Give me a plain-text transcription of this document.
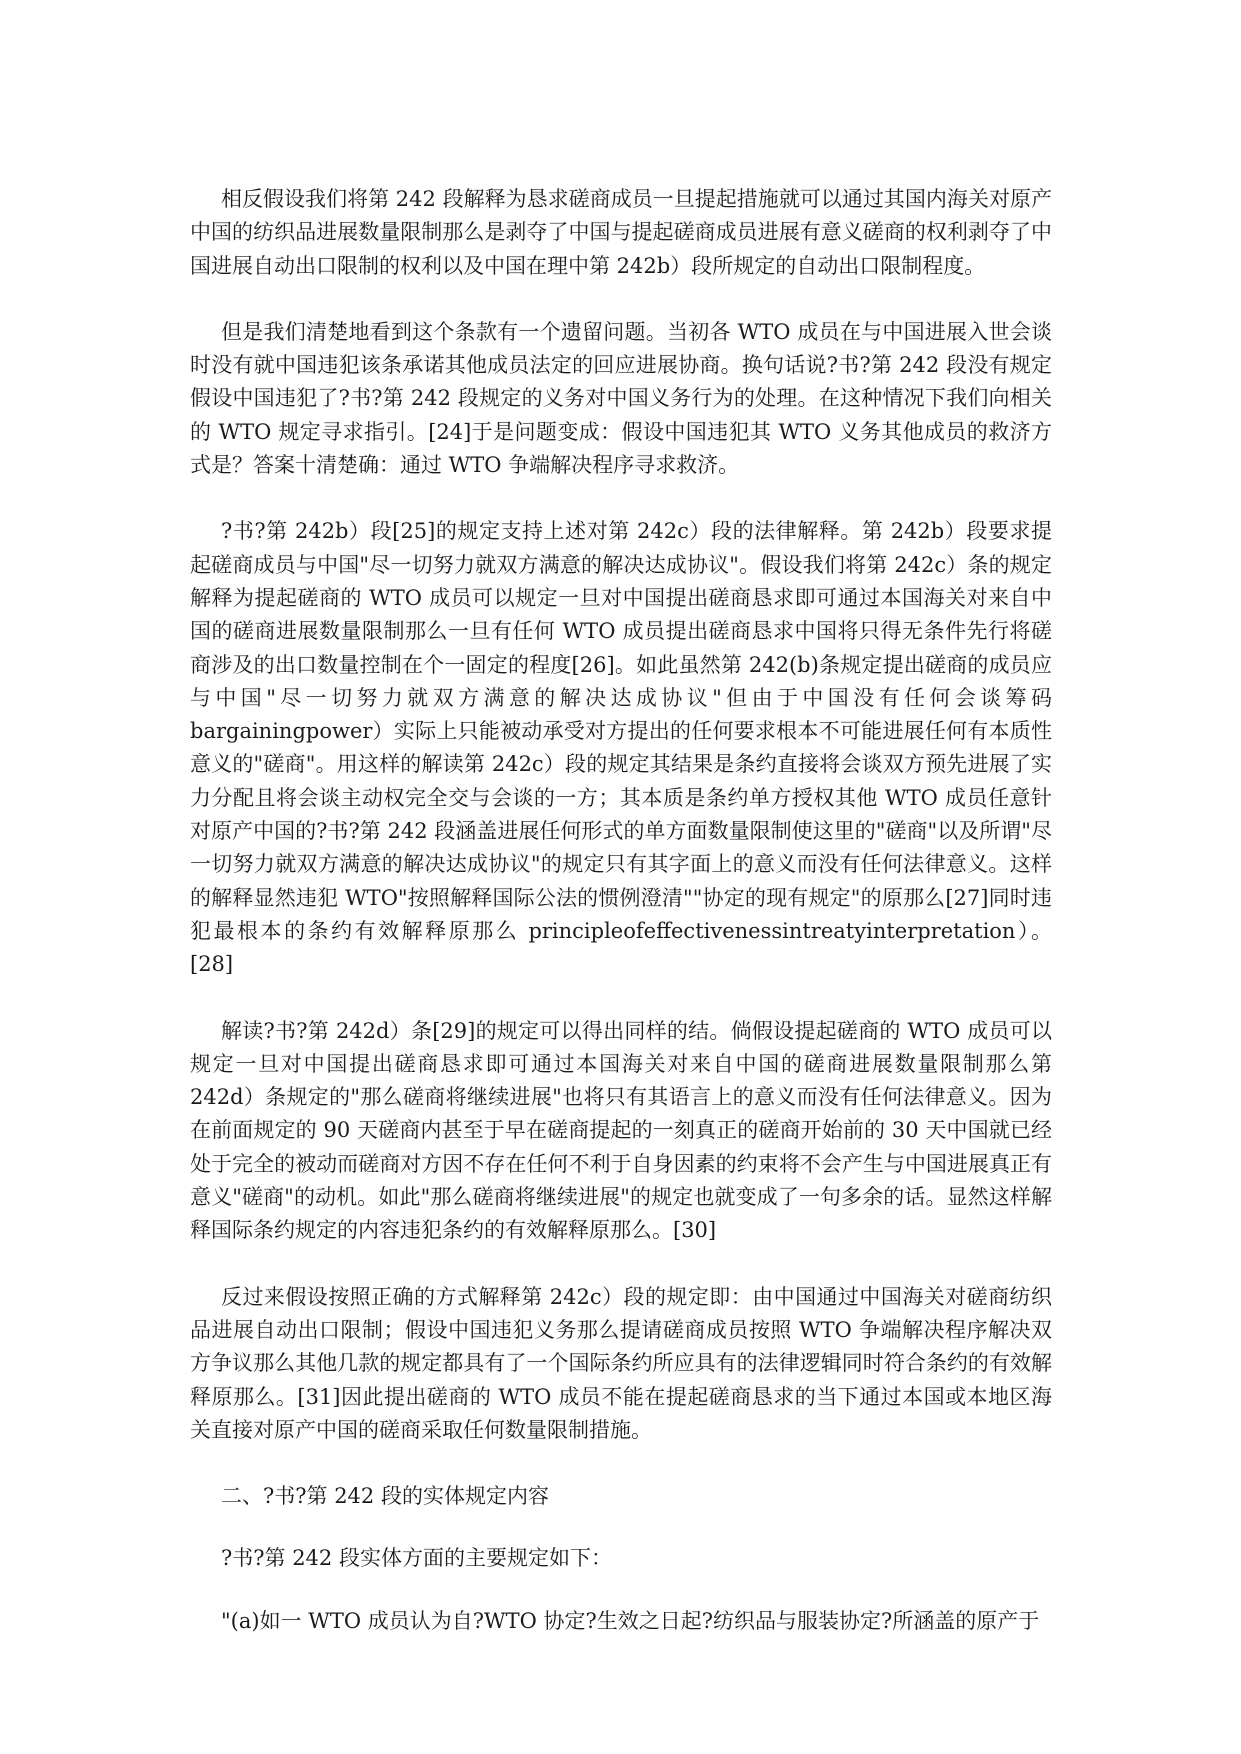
相反假设我们将第 242 段解释为恳求磋商成员一旦提起措施就可以通过其国内海关对原产中国的纺织品进展数量限制那么是剥夺了中国与提起磋商成员进展有意义磋商的权利剥夺了中国进展自动出口限制的权利以及中国在理中第 242b）段所规定的自动出口限制程度。

但是我们清楚地看到这个条款有一个遗留问题。当初各 WTO 成员在与中国进展入世会谈时没有就中国违犯该条承诺其他成员法定的回应进展协商。换句话说?书?第 242 段没有规定假设中国违犯了?书?第 242 段规定的义务对中国义务行为的处理。在这种情况下我们向相关的 WTO 规定寻求指引。[24]于是问题变成：假设中国违犯其 WTO 义务其他成员的救济方式是？答案十清楚确：通过 WTO 争端解决程序寻求救济。

?书?第 242b）段[25]的规定支持上述对第 242c）段的法律解释。第 242b）段要求提起磋商成员与中国"尽一切努力就双方满意的解决达成协议"。假设我们将第 242c）条的规定解释为提起磋商的 WTO 成员可以规定一旦对中国提出磋商恳求即可通过本国海关对来自中国的磋商进展数量限制那么一旦有任何 WTO 成员提出磋商恳求中国将只得无条件先行将磋商涉及的出口数量控制在个一固定的程度[26]。如此虽然第 242(b)条规定提出磋商的成员应与中国"尽一切努力就双方满意的解决达成协议"但由于中国没有任何会谈筹码 bargainingpower）实际上只能被动承受对方提出的任何要求根本不可能进展任何有本质性意义的"磋商"。用这样的解读第 242c）段的规定其结果是条约直接将会谈双方预先进展了实力分配且将会谈主动权完全交与会谈的一方；其本质是条约单方授权其他 WTO 成员任意针对原产中国的?书?第 242 段涵盖进展任何形式的单方面数量限制使这里的"磋商"以及所谓"尽一切努力就双方满意的解决达成协议"的规定只有其字面上的意义而没有任何法律意义。这样的解释显然违犯 WTO"按照解释国际公法的惯例澄清""协定的现有规定"的原那么[27]同时违犯最根本的条约有效解释原那么 principleofeffectivenessintreatyinterpretation）。[28]

解读?书?第 242d）条[29]的规定可以得出同样的结。倘假设提起磋商的 WTO 成员可以规定一旦对中国提出磋商恳求即可通过本国海关对来自中国的磋商进展数量限制那么第 242d）条规定的"那么磋商将继续进展"也将只有其语言上的意义而没有任何法律意义。因为在前面规定的 90 天磋商内甚至于早在磋商提起的一刻真正的磋商开始前的 30 天中国就已经处于完全的被动而磋商对方因不存在任何不利于自身因素的约束将不会产生与中国进展真正有意义"磋商"的动机。如此"那么磋商将继续进展"的规定也就变成了一句多余的话。显然这样解释国际条约规定的内容违犯条约的有效解释原那么。[30]

反过来假设按照正确的方式解释第 242c）段的规定即：由中国通过中国海关对磋商纺织品进展自动出口限制；假设中国违犯义务那么提请磋商成员按照 WTO 争端解决程序解决双方争议那么其他几款的规定都具有了一个国际条约所应具有的法律逻辑同时符合条约的有效解释原那么。[31]因此提出磋商的 WTO 成员不能在提起磋商恳求的当下通过本国或本地区海关直接对原产中国的磋商采取任何数量限制措施。

二、?书?第 242 段的实体规定内容

?书?第 242 段实体方面的主要规定如下：

"(a)如一 WTO 成员认为自?WTO 协定?生效之日起?纺织品与服装协定?所涵盖的原产于
